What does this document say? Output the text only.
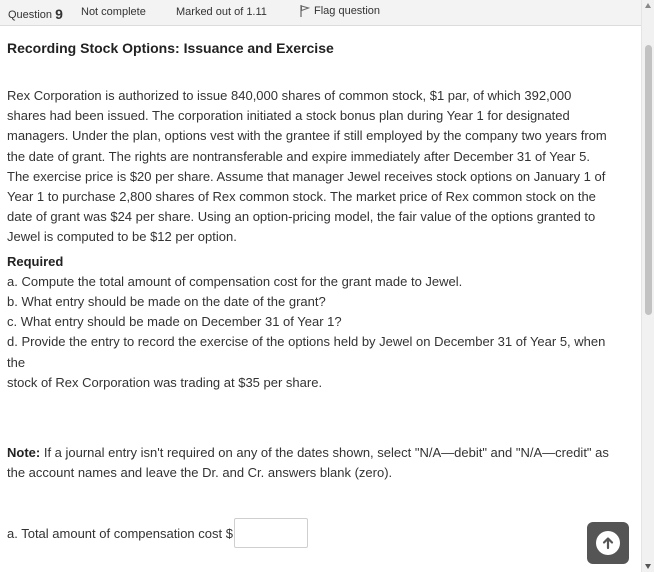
Question 9 Not complete	Marked out of 1.11	Flag question
Recording Stock Options: Issuance and Exercise

Rex Corporation is authorized to issue 840,000 shares of common stock, $1 par, of which 392,000 shares had been issued. The corporation initiated a stock bonus plan during Year 1 for designated managers. Under the plan, options vest with the grantee if still employed by the company two years from the date of grant. The rights are nontransferable and expire immediately after December 31 of Year 5. The exercise price is $20 per share. Assume that manager Jewel receives stock options on January 1 of Year 1 to purchase 2,800 shares of Rex common stock. The market price of Rex common stock on the date of grant was $24 per share. Using an option-pricing model, the fair value of the options granted to Jewel is computed to be $12 per option.

Required

a. Compute the total amount of compensation cost for the grant made to Jewel.

b. What entry should be made on the date of the grant?

c. What entry should be made on December 31 of Year 1?

d. Provide the entry to record the exercise of the options held by Jewel on December 31 of Year 5, when the

stock of Rex Corporation was trading at $35 per share.

Note: If a journal entry isn't required on any of the dates shown, select "N/A—debit" and "N/A—credit" as the account names and leave the Dr. and Cr. answers blank (zero).
a. Total amount of compensation cost $
